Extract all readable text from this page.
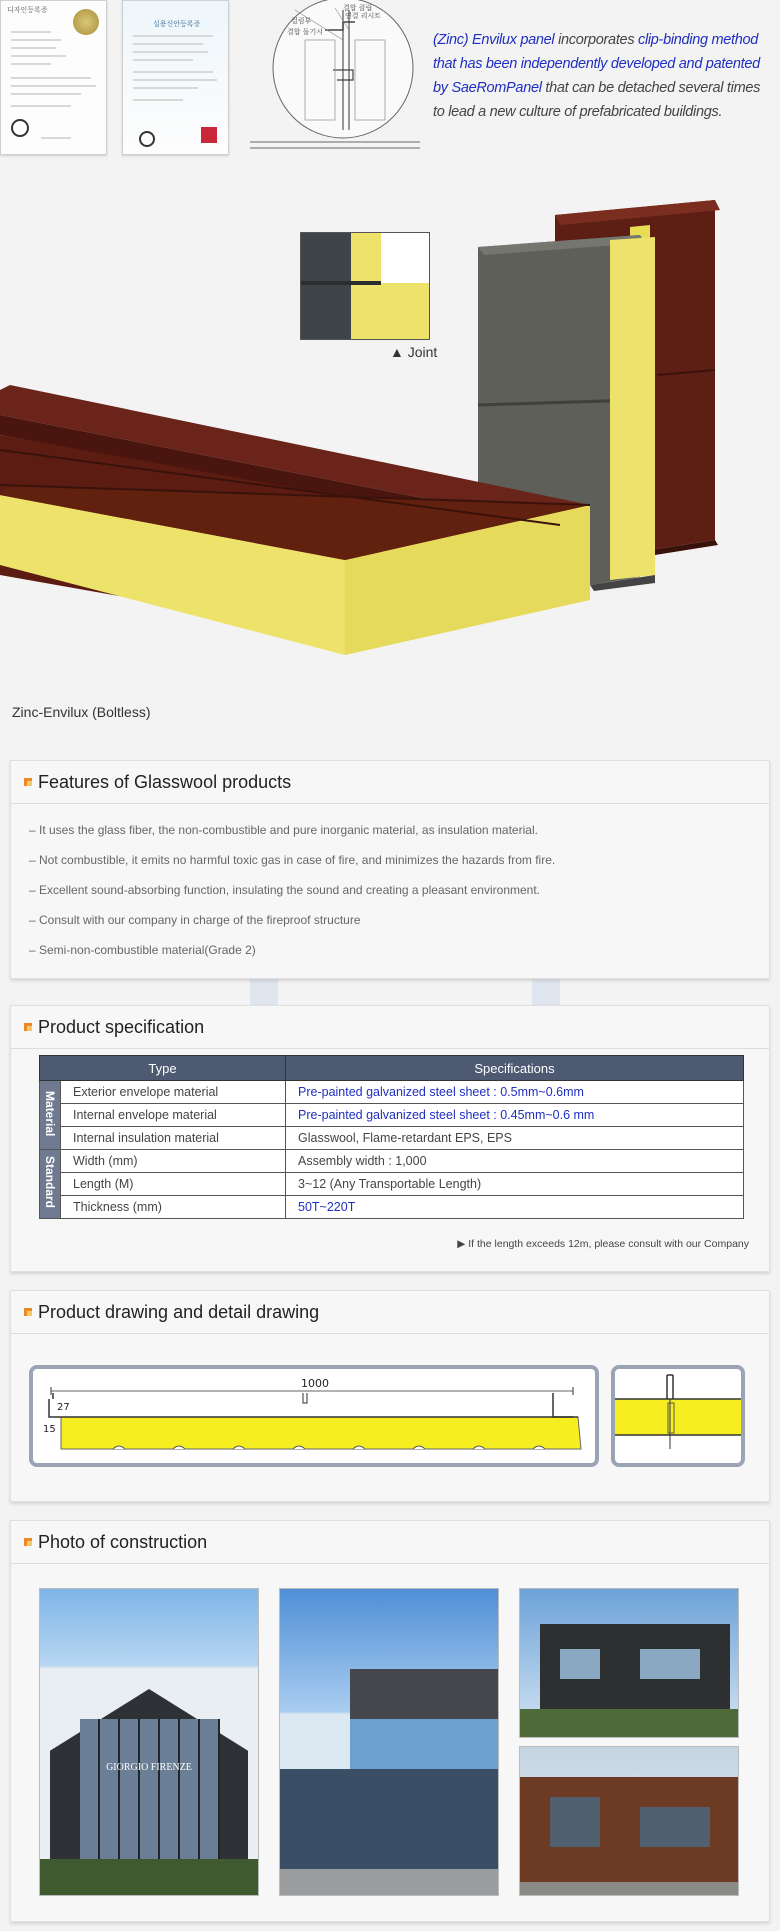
디자인등록증
실용신안등록증	걸림부
결합 클립
결합 돌기시
연결 리시트
(Zinc) Envilux panel incorporates clip-binding method that has been independently developed and patented by SaeRomPanel that can be detached several times to lead a new culture of prefabricated buildings.
▲ Joint
Zinc-Envilux (Boltless)
Features of Glasswool products
– It uses the glass fiber, the non-combustible and pure inorganic material, as insulation material.
– Not combustible, it emits no harmful toxic gas in case of fire, and minimizes the hazards from fire.
– Excellent sound-absorbing function, insulating the sound and creating a pleasant environment.
– Consult with our company in charge of the fireproof structure
– Semi-non-combustible material(Grade 2)
Product specification
Type		Specifications
Material	Exterior envelope material	Pre-painted galvanized steel sheet : 0.5mm~0.6mm
	Internal envelope material	Pre-painted galvanized steel sheet : 0.45mm~0.6 mm
	Internal insulation material	Glasswool, Flame-retardant EPS, EPS
Standard	Width (mm)	Assembly width : 1,000
	Length (M)	3~12 (Any Transportable Length)
	Thickness (mm)	50T~220T
▶ If the length exceeds 12m, please consult with our Company
Product drawing and detail drawing
1000
27
15
Photo of construction
GIORGIO FIRENZE
